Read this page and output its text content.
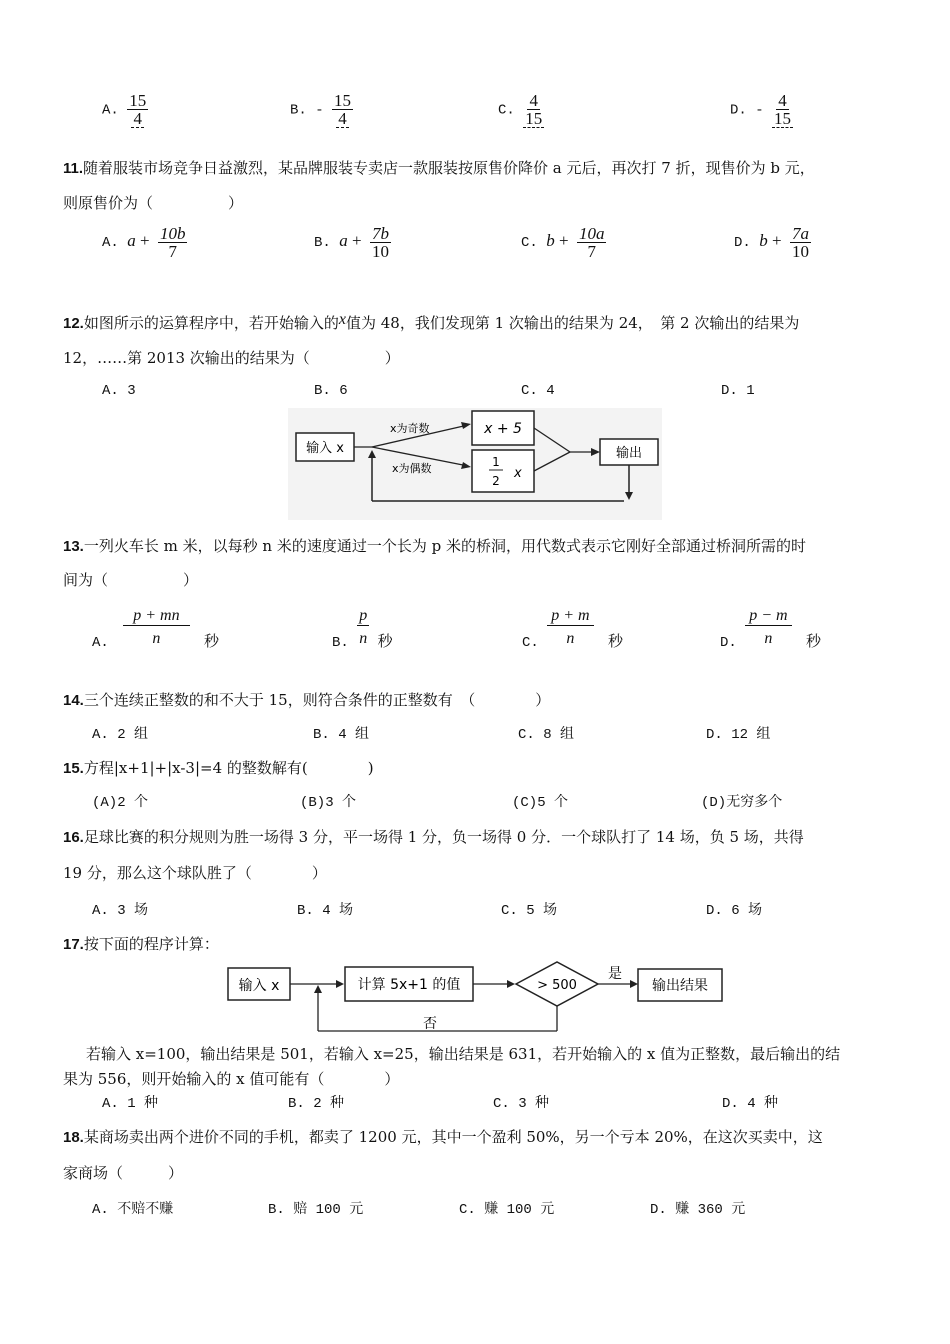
A. $\frac{15}{4}$	B. - $\frac{15}{4}$	C. $\frac{4}{15}$	D. - $\frac{4}{15}$
11.随着服装市场竞争日益激烈，某品牌服装专卖店一款服装按原售价降价 a 元后，再次打 7 折，现售价为 b 元，
则原售价为（　　　　　）
A. $a + \frac{10b}{7}$	B. $a + \frac{7b}{10}$	C. $b + \frac{10a}{7}$	D. $b + \frac{7a}{10}$
12.如图所示的运算程序中，若开始输入的x值为 48，我们发现第 1 次输出的结果为 24，　第 2 次输出的结果为
12，……第 2013 次输出的结果为（　　　　　）
A. 3	B. 6	C. 4	D. 1
输入 x
x为奇数
x为偶数
x + 5
1
2 x
输出
13.一列火车长 m 米，以每秒 n 米的速度通过一个长为 p 米的桥洞，用代数式表示它刚好全部通过桥洞所需的时
间为（　　　　　）
A. $\frac{p + mn}{n}$ 秒	B. $\frac{p}{n}$ 秒	C. $\frac{p + m}{n}$ 秒	D. $\frac{p - m}{n}$ 秒
14.三个连续正整数的和不大于 15，则符合条件的正整数有　（　　　　）
A. 2 组	B. 4 组	C. 8 组	D. 12 组
15.方程|x+1|+|x-3|=4 的整数解有(　　　　)
(A)2 个	(B)3 个	(C)5 个	(D)无穷多个
16.足球比赛的积分规则为胜一场得 3 分，平一场得 1 分，负一场得 0 分．一个球队打了 14 场，负 5 场，共得
19 分，那么这个球队胜了（　　　　）
A. 3 场	B. 4 场	C. 5 场	D. 6 场
17.按下面的程序计算：
输入 x	计算 5x+1 的值	> 500
是
输出结果
否
若输入 x=100，输出结果是 501，若输入 x=25，输出结果是 631，若开始输入的 x 值为正整数，最后输出的结
果为 556，则开始输入的 x 值可能有（　　　　）
A. 1 种	B. 2 种	C. 3 种	D. 4 种
18.某商场卖出两个进价不同的手机，都卖了 1200 元，其中一个盈利 50%，另一个亏本 20%，在这次买卖中，这
家商场（　　　）
A. 不赔不赚	B. 赔 100 元	C. 赚 100 元	D. 赚 360 元
